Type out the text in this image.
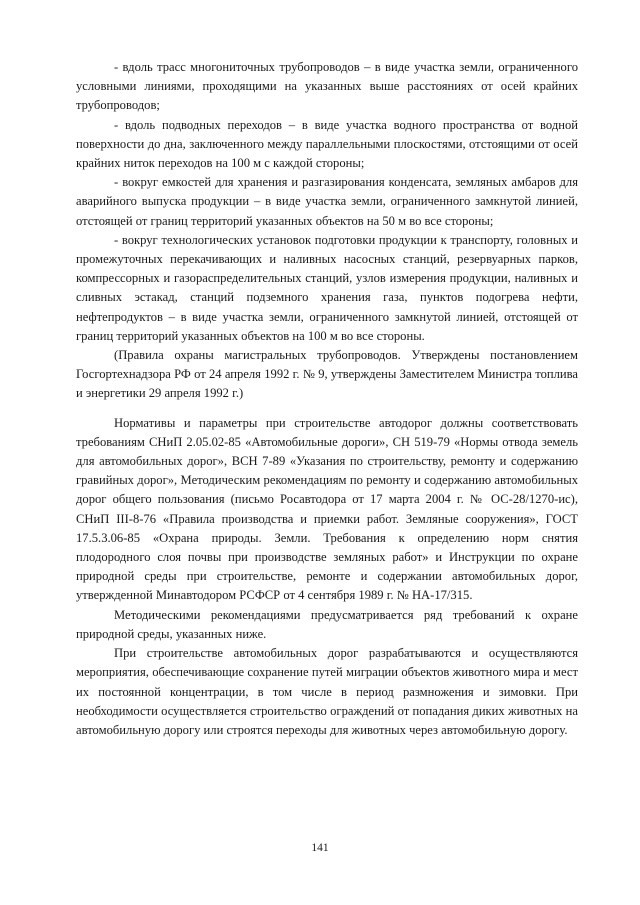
- вдоль трасс многониточных трубопроводов – в виде участка земли, ограниченного условными линиями, проходящими на указанных выше расстояниях от осей крайних трубопроводов;

- вдоль подводных переходов – в виде участка водного пространства от водной поверхности до дна, заключенного между параллельными плоскостями, отстоящими от осей крайних ниток переходов на 100 м с каждой стороны;

- вокруг емкостей для хранения и разгазирования конденсата, земляных амбаров для аварийного выпуска продукции – в виде участка земли, ограниченного замкнутой линией, отстоящей от границ территорий указанных объектов на 50 м во все стороны;

- вокруг технологических установок подготовки продукции к транспорту, головных и промежуточных перекачивающих и наливных насосных станций, резервуарных парков, компрессорных и газораспределительных станций, узлов измерения продукции, наливных и сливных эстакад, станций подземного хранения газа, пунктов подогрева нефти, нефтепродуктов – в виде участка земли, ограниченного замкнутой линией, отстоящей от границ территорий указанных объектов на 100 м во все стороны.

(Правила охраны магистральных трубопроводов. Утверждены постановлением Госгортехнадзора РФ от 24 апреля 1992 г. № 9, утверждены Заместителем Министра топлива и энергетики 29 апреля 1992 г.)

Нормативы и параметры при строительстве автодорог должны соответствовать требованиям СНиП 2.05.02-85 «Автомобильные дороги», СН 519-79 «Нормы отвода земель для автомобильных дорог», ВСН 7-89 «Указания по строительству, ремонту и содержанию гравийных дорог», Методическим рекомендациям по ремонту и содержанию автомобильных дорог общего пользования (письмо Росавтодора от 17 марта 2004 г. № ОС-28/1270-ис), СНиП III-8-76 «Правила производства и приемки работ. Земляные сооружения», ГОСТ 17.5.3.06-85 «Охрана природы. Земли. Требования к определению норм снятия плодородного слоя почвы при производстве земляных работ» и Инструкции по охране природной среды при строительстве, ремонте и содержании автомобильных дорог, утвержденной Минавтодором РСФСР от 4 сентября 1989 г. № НА-17/315.

Методическими рекомендациями предусматривается ряд требований к охране природной среды, указанных ниже.

При строительстве автомобильных дорог разрабатываются и осуществляются мероприятия, обеспечивающие сохранение путей миграции объектов животного мира и мест их постоянной концентрации, в том числе в период размножения и зимовки. При необходимости осуществляется строительство ограждений от попадания диких животных на автомобильную дорогу или строятся переходы для животных через автомобильную дорогу.

141
